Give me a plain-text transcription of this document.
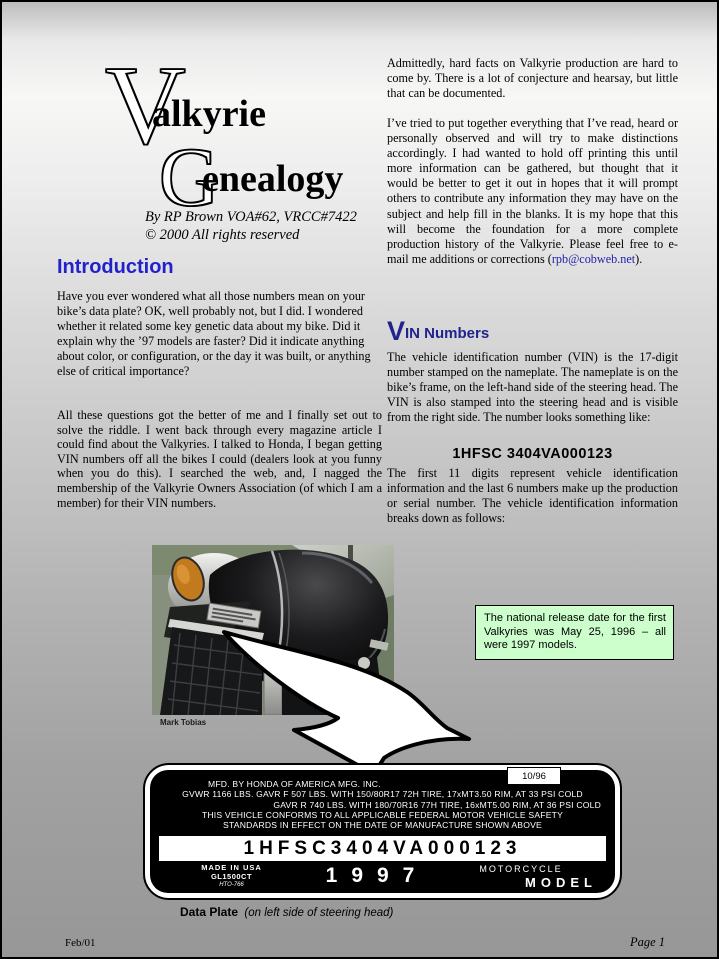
V
alkyrie
G
enealogy
By RP Brown VOA#62, VRCC#7422
© 2000 All rights reserved
Introduction
Have you ever wondered what all those numbers mean on your bike’s data plate? OK, well probably not, but I did. I wondered whether it related some key genetic data about my bike. Did it explain why the ’97 models are faster? Did it indicate anything about color, or configuration, or the day it was built, or anything else of critical importance?
All these questions got the better of me and I finally set out to solve the riddle. I went back through every magazine article I could find about the Valkyries. I talked to Honda, I began getting VIN numbers off all the bikes I could (dealers look at you funny when you do this). I searched the web, and, I nagged the membership of the Valkyrie Owners Association (of which I am a member) for their VIN numbers.
Admittedly, hard facts on Valkyrie production are hard to come by. There is a lot of conjecture and hearsay, but little that can be documented.
I’ve tried to put together everything that I’ve read, heard or personally observed and will try to make distinctions accordingly. I had wanted to hold off printing this until more information can be gathered, but thought that it would be better to get it out in hopes that it will prompt others to contribute any information they may have on the subject and help fill in the blanks. It is my hope that this will become the foundation for a more complete production history of the Valkyrie. Please feel free to e-mail me additions or corrections (rpb@cobweb.net).
VIN Numbers
The vehicle identification number (VIN) is the 17-digit number stamped on the nameplate. The nameplate is on the bike’s frame, on the left-hand side of the steering head. The VIN is also stamped into the steering head and is visible from the right side. The number looks something like:
1HFSC 3404VA000123
The first 11 digits represent vehicle identification information and the last 6 numbers make up the production or serial number. The vehicle identification information breaks down as follows:
The national release date for the first Valkyries was May 25, 1996 – all were 1997 models.
Mark Tobias
MFD. BY HONDA OF AMERICA MFG. INC.
GVWR 1166 LBS. GAVR F 507 LBS. WITH 150/80R17 72H TIRE, 17xMT3.50 RIM, AT 33 PSI COLD
GAVR R 740 LBS. WITH 180/70R16 77H TIRE, 16xMT5.00 RIM, AT 36 PSI COLD
THIS VEHICLE CONFORMS TO ALL APPLICABLE FEDERAL MOTOR VEHICLE SAFETY
STANDARDS IN EFFECT ON THE DATE OF MANUFACTURE SHOWN ABOVE
1HFSC3404VA000123
MADE IN USA
GL1500CT
HTO-766	1997	MOTORCYCLE
MODEL
10/96
Data Plate (on left side of steering head)
Feb/01	Page 1
